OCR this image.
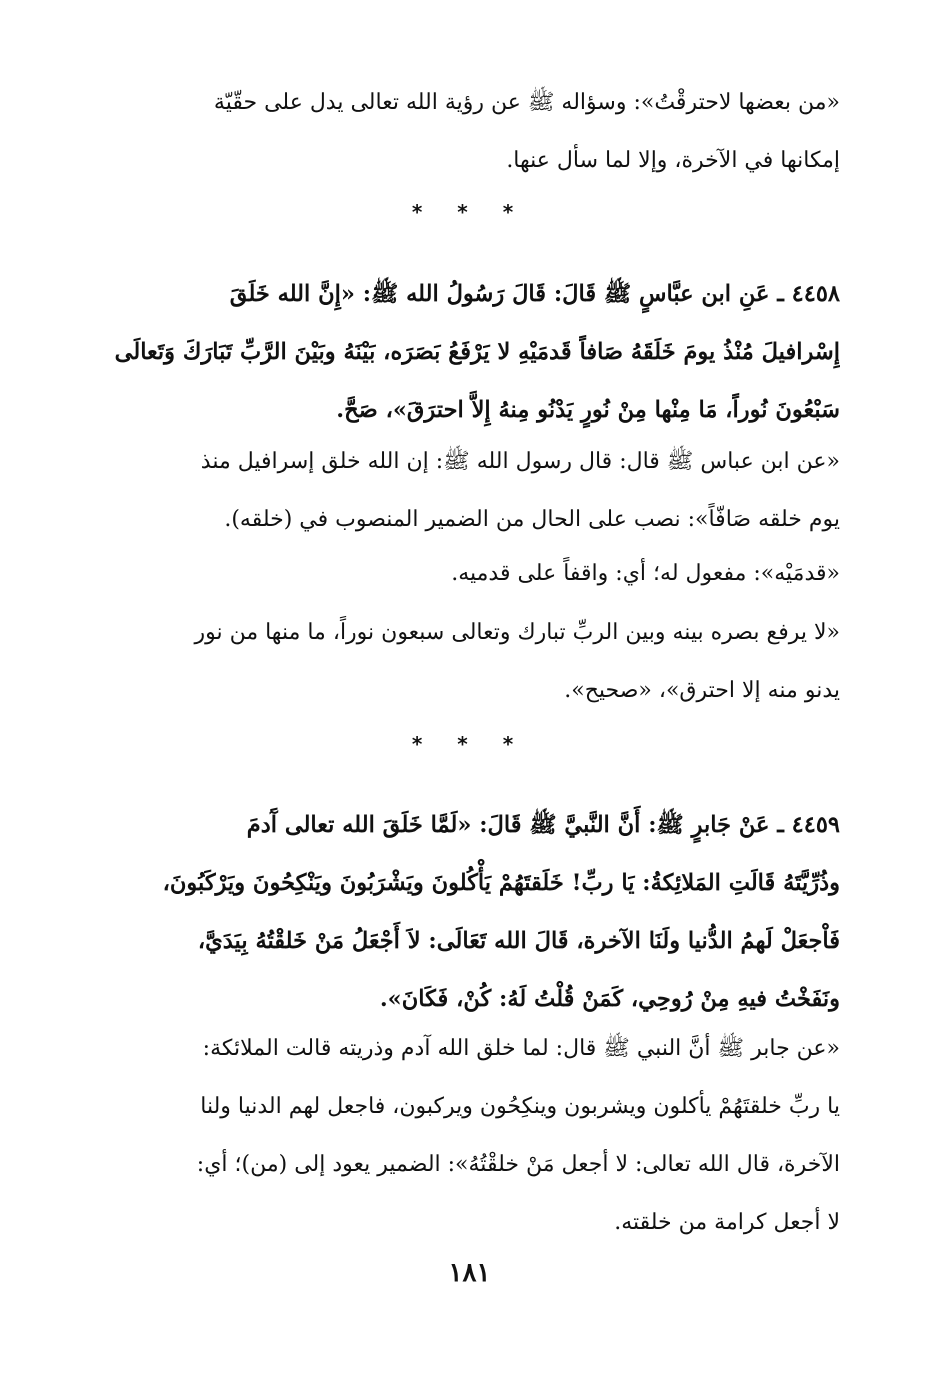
«من بعضها لاحترقْتُ»: وسؤاله ﷺ عن رؤية الله تعالى يدل على حقّيّة
إمكانها في الآخرة، وإلا لما سأل عنها.
* * *
٤٤٥٨ ـ عَنِ ابن عبَّاسٍ ﷺ قَالَ: قَالَ رَسُولُ الله ﷺ: «إِنَّ الله خَلَقَ
إِسْرافيلَ مُنْذُ يومَ خَلَقَهُ صَافاً قَدمَيْهِ لا يَرْفَعُ بَصَرَه، بَيْنَهُ وبَيْنَ الرَّبِّ تَبَارَكَ وَتَعالَى
سَبْعُونَ نُوراً، مَا مِنْها مِنْ نُورٍ يَدْنُو مِنهُ إِلاَّ احترَقَ»، صَحَّ.
«عن ابن عباس ﷺ قال: قال رسول الله ﷺ: إن الله خلق إسرافيل منذ
يوم خلقه صَافّاً»: نصب على الحال من الضمير المنصوب في (خلقه).
«قدمَيْه»: مفعول له؛ أي: واقفاً على قدميه.
«لا يرفع بصره بينه وبين الربِّ تبارك وتعالى سبعون نوراً، ما منها من نور
يدنو منه إلا احترق»، «صحيح».
* * *
٤٤٥٩ ـ عَنْ جَابرٍ ﷺ: أَنَّ النَّبيَّ ﷺ قَالَ: «لَمَّا خَلَقَ الله تعالى آَدمَ
وذُرِّيَّتَهُ قَالَتِ المَلائِكةُ: يَا ربِّ! خَلَقتَهُمْ يَأْكُلونَ ويَشْرَبُونَ ويَنْكِحُونَ ويَرْكَبُونَ،
فَاْجعَلْ لَهمُ الدُّنيا ولَنَا الآخرة، قَالَ الله تَعَالَى: لاَ أَجْعَلُ مَنْ خَلقْتُهُ بِيَدَيَّ،
ونَفَخْتُ فيهِ مِنْ رُوحِي، كَمَنْ قُلْتُ لَهُ: كُنْ، فَكَانَ».
«عن جابر ﷺ أنَّ النبي ﷺ قال: لما خلق الله آدم وذريته قالت الملائكة:
يا ربِّ خلقتَهُمْ يأكلون ويشربون وينكِحُون ويركبون، فاجعل لهم الدنيا ولنا
الآخرة، قال الله تعالى: لا أجعل مَنْ خلقْتُهُ»: الضمير يعود إلى (من)؛ أي:
لا أجعل كرامة من خلقته.
١٨١
